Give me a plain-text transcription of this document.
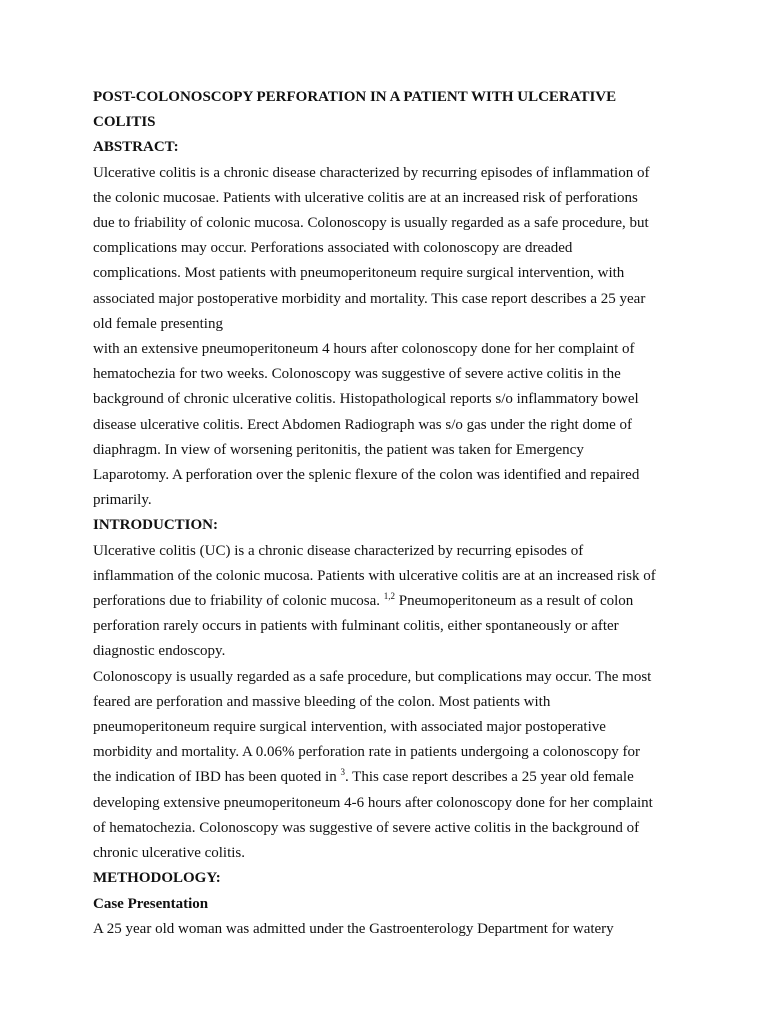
POST-COLONOSCOPY PERFORATION IN A PATIENT WITH ULCERATIVE
COLITIS
ABSTRACT:
Ulcerative colitis is a chronic disease characterized by recurring episodes of inflammation of
the colonic mucosae. Patients with ulcerative colitis are at an increased risk of perforations
due to friability of colonic mucosa. Colonoscopy is usually regarded as a safe procedure, but
complications may occur. Perforations associated with colonoscopy are dreaded
complications. Most patients with pneumoperitoneum require surgical intervention, with
associated major postoperative morbidity and mortality. This case report describes a 25 year
old female presenting
with an extensive pneumoperitoneum 4 hours after colonoscopy done for her complaint of
hematochezia for two weeks. Colonoscopy was suggestive of severe active colitis in the
background of chronic ulcerative colitis. Histopathological reports s/o inflammatory bowel
disease ulcerative colitis. Erect Abdomen Radiograph was s/o gas under the right dome of
diaphragm. In view of worsening peritonitis, the patient was taken for Emergency
Laparotomy. A perforation over the splenic flexure of the colon was identified and repaired
primarily.
INTRODUCTION:
Ulcerative colitis (UC) is a chronic disease characterized by recurring episodes of
inflammation of the colonic mucosa. Patients with ulcerative colitis are at an increased risk of
perforations due to friability of colonic mucosa. $^{1,2}$ Pneumoperitoneum as a result of colon
perforation rarely occurs in patients with fulminant colitis, either spontaneously or after
diagnostic endoscopy.
Colonoscopy is usually regarded as a safe procedure, but complications may occur. The most
feared are perforation and massive bleeding of the colon. Most patients with
pneumoperitoneum require surgical intervention, with associated major postoperative
morbidity and mortality. A 0.06% perforation rate in patients undergoing a colonoscopy for
the indication of IBD has been quoted in $^3$. This case report describes a 25 year old female
developing extensive pneumoperitoneum 4-6 hours after colonoscopy done for her complaint
of hematochezia. Colonoscopy was suggestive of severe active colitis in the background of
chronic ulcerative colitis.
METHODOLOGY:
Case Presentation
A 25 year old woman was admitted under the Gastroenterology Department for watery
